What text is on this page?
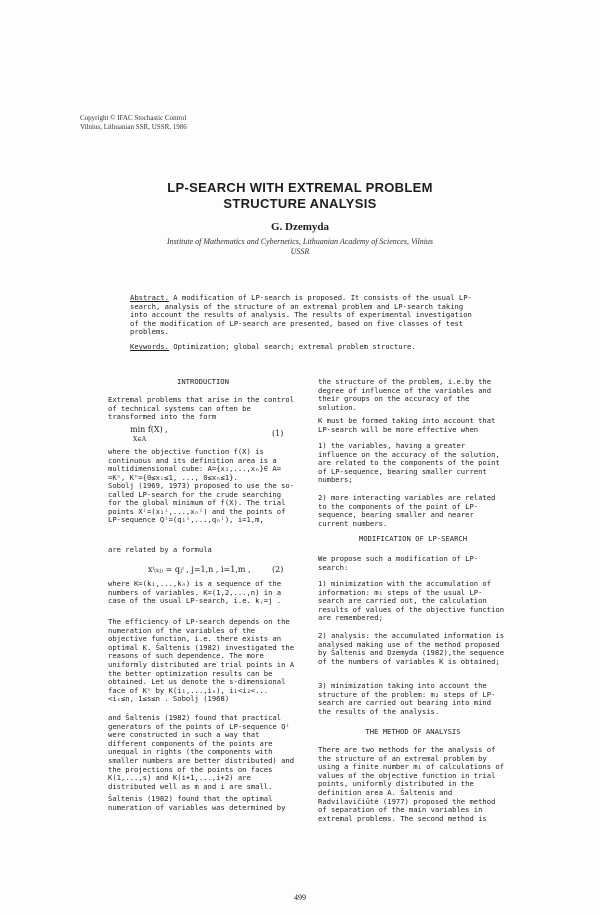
Copyright © IFAC Stochastic Control
Vilnius, Lithuanian SSR, USSR, 1986
LP-SEARCH WITH EXTREMAL PROBLEM
STRUCTURE ANALYSIS
G. Dzemyda
Institute of Mathematics and Cybernetics, Lithuanian Academy of Sciences, Vilnius
USSR
Abstract. A modification of LP-search is proposed. It consists of the usual LP-search, analysis of the structure of an extremal problem and LP-search taking into account the results of analysis. The results of experimental investigation of the modification of LP-search are presented, based on five classes of test problems.
Keywords. Optimization; global search; extremal problem structure.
INTRODUCTION
Extremal problems that arise in the control of technical systems can often be transformed into the form
min f(X) ,
X∈A
(1)
where the objective function f(X) is continuous and its definition area is a multidimensional cube: A={x₁,...,xₙ}∈ A= =Kⁿ, Kⁿ={0≤xᵢ≤1, ..., 0≤xₙ≤1}.
Sobolj (1969, 1973) proposed to use the so-called LP-search for the crude searching for the global minimum of f(X). The trial points Xⁱ=(x₁ⁱ,...,xₙⁱ) and the points of LP-sequence Qⁱ=(q₁ⁱ,...,qₙⁱ), i=1,m,
are related by a formula
xⁱ₍ₖⱼ₎ = qⱼⁱ , j=1,n , i=1,m ,	(2)
where K=(k₁,...,kₙ) is a sequence of the numbers of variables. K=(1,2,...,n) in a case of the usual LP-search, i.e. kⱼ=j .
The efficiency of LP-search depends on the numeration of the variables of the objective function, i.e. there exists an optimal K. Šaltenis (1982) investigated the reasons of such dependence. The more uniformly distributed are trial points in A the better optimization results can be obtained. Let us denote the s-dimensional face of Kⁿ by K(i₁,...,iₛ), i₁<i₂<... <iₛ≤n, 1≤s≤n . Sobolj (1968)
and Šaltenis (1982) found that practical generators of the points of LP-sequence Qⁱ were constructed in such a way that different components of the points are unequal in rights (the components with smaller numbers are better distributed) and the projections of the points on faces K(1,...,s) and K(i+1,...,i+2) are distributed well as m and i are small.
Šaltenis (1982) found that the optimal numeration of variables was determined by
the structure of the problem, i.e.by the degree of influence of the variables and their groups on the accuracy of the solution.
K must be formed taking into account that LP-search will be more effective when
1) the variables, having a greater influence on the accuracy of the solution, are related to the components of the point of LP-sequence, bearing smaller current numbers;
2) more interacting variables are related to the components of the point of LP-sequence, bearing smaller and nearer current numbers.
MODIFICATION OF LP-SEARCH
We propose such a modification of LP-search:
1) minimization with the accumulation of information: m₁ steps of the usual LP-search are carried out, the calculation results of values of the objective function are remembered;
2) analysis: the accumulated information is analysed making use of the method proposed by Šaltenis and Dzemyda (1982),the sequence of the numbers of variables K is obtained;
3) minimization taking into account the structure of the problem: m₂ steps of LP-search are carried out bearing into mind the results of the analysis.
THE METHOD OF ANALYSIS
There are two methods for the analysis of the structure of an extremal problem by using a finite number m₁ of calculations of values of the objective function in trial points, uniformly distributed in the definition area A. Šaltenis and Radvilavičiūtė (1977) proposed the method of separation of the main variables in extremal problems. The second method is
499
